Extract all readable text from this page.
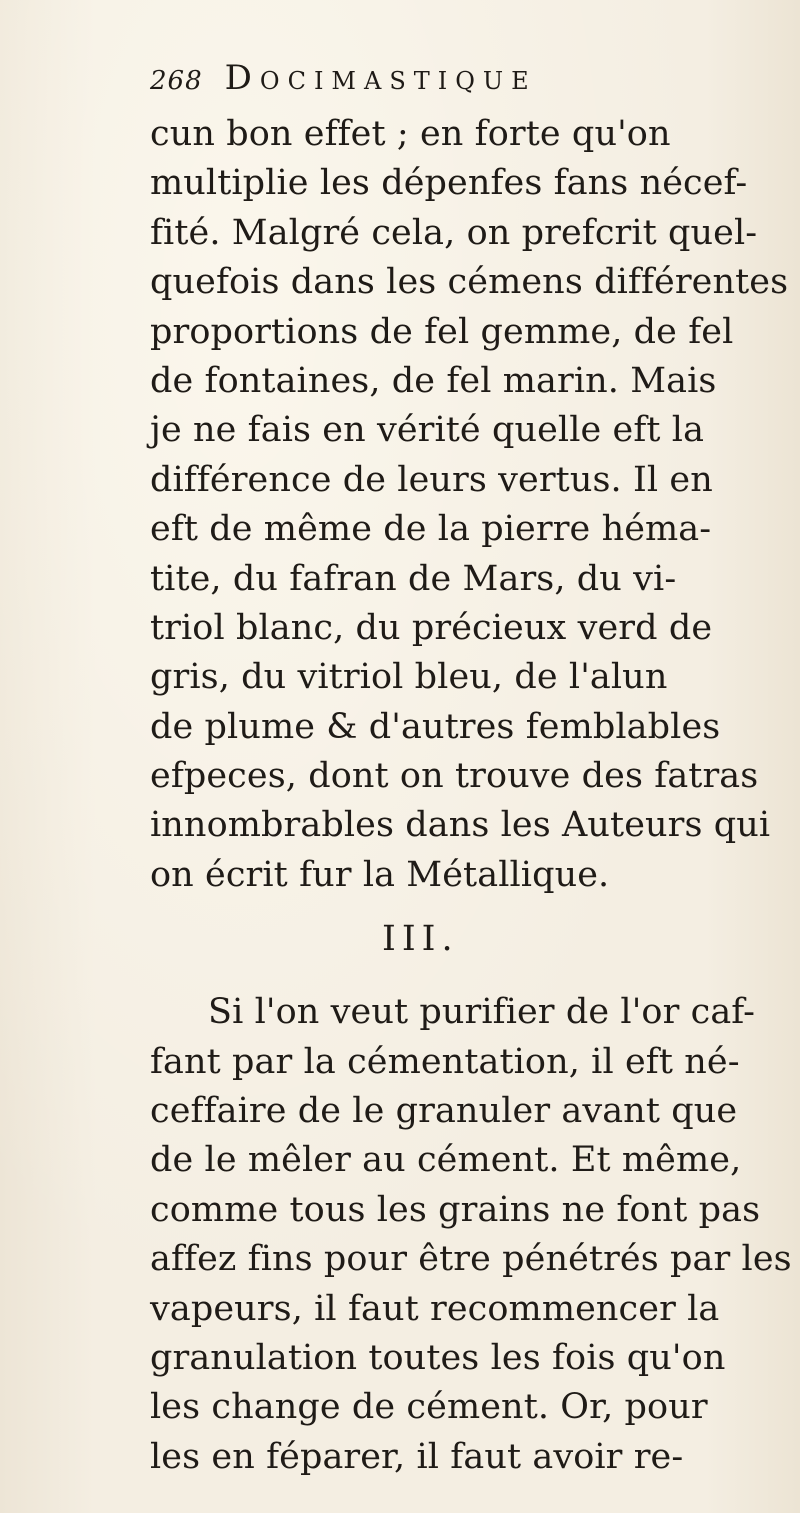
268 Docimastique
cun bon effet ; en forte qu'on
multiplie les dépenfes fans nécef-
fité. Malgré cela, on prefcrit quel-
quefois dans les cémens différentes
proportions de fel gemme, de fel
de fontaines, de fel marin. Mais
je ne fais en vérité quelle eft la
différence de leurs vertus. Il en
eft de même de la pierre héma-
tite, du fafran de Mars, du vi-
triol blanc, du précieux verd de
gris, du vitriol bleu, de l'alun
de plume & d'autres femblables
efpeces, dont on trouve des fatras
innombrables dans les Auteurs qui
on écrit fur la Métallique.
III.
Si l'on veut purifier de l'or caf-
fant par la cémentation, il eft né-
ceffaire de le granuler avant que
de le mêler au cément. Et même,
comme tous les grains ne font pas
affez fins pour être pénétrés par les
vapeurs, il faut recommencer la
granulation toutes les fois qu'on
les change de cément. Or, pour
les en féparer, il faut avoir re-
